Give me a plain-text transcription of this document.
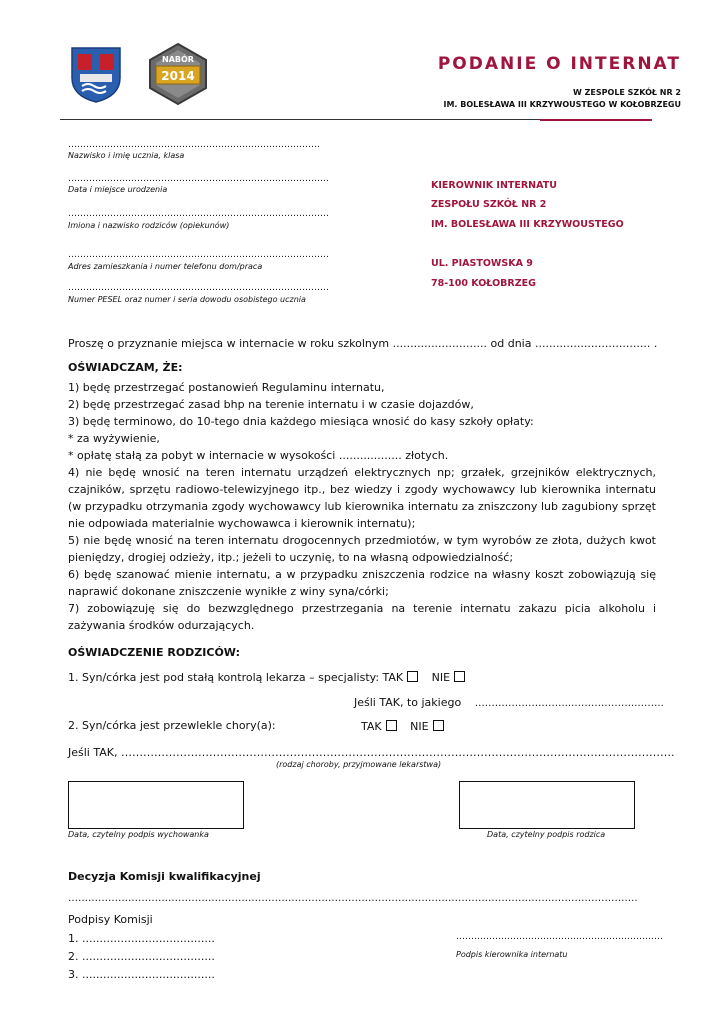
NABÓR
2014
PODANIE O INTERNAT
W ZESPOLE SZKÓŁ NR 2
IM. BOLESŁAWA III KRZYWOUSTEGO W KOŁOBRZEGU
…………………………………………………………………………
Nazwisko i imię ucznia, klasa
……………………………………………………………………………
Data i miejsce urodzenia
……………………………………………………………………………
Imiona i nazwisko rodziców (opiekunów)
……………………………………………………………………………
Adres zamieszkania i numer telefonu dom/praca
……………………………………………………………………………
Numer PESEL oraz numer i seria dowodu osobistego ucznia
KIEROWNIK INTERNATU
ZESPOŁU SZKÓŁ NR 2
IM. BOLESŁAWA III KRZYWOUSTEGO
UL. PIASTOWSKA 9
78-100 KOŁOBRZEG
Proszę o przyznanie miejsca w internacie w roku szkolnym ........................... od dnia ................................. .
OŚWIADCZAM, ŻE:
1) będę przestrzegać postanowień Regulaminu internatu,
2) będę przestrzegać zasad bhp na terenie internatu i w czasie dojazdów,
3) będę terminowo, do 10-tego dnia każdego miesiąca wnosić do kasy szkoły opłaty:
* za wyżywienie,
* opłatę stałą za pobyt w internacie w wysokości .................. złotych.
4) nie będę wnosić na teren internatu urządzeń elektrycznych np; grzałek, grzejników elektrycznych, czajników, sprzętu radiowo-telewizyjnego itp., bez wiedzy i zgody wychowawcy lub kierownika internatu (w przypadku otrzymania zgody wychowawcy lub kierownika internatu za zniszczony lub zagubiony sprzęt nie odpowiada materialnie wychowawca i kierownik internatu);
5) nie będę wnosić na teren internatu drogocennych przedmiotów, w tym wyrobów ze złota, dużych kwot pieniędzy, drogiej odzieży, itp.; jeżeli to uczynię, to na własną odpowiedzialność;
6) będę szanować mienie internatu, a w przypadku zniszczenia rodzice na własny koszt zobowiązują się naprawić dokonane zniszczenie wynikłe z winy syna/córki;
7) zobowiązuję się do bezwzględnego przestrzegania na terenie internatu zakazu picia alkoholu i zażywania środków odurzających.
OŚWIADCZENIE RODZICÓW:
1. Syn/córka jest pod stałą kontrolą lekarza – specjalisty: TAK	NIE
Jeśli TAK, to jakiego ………………………..………………..……..
2. Syn/córka jest przewlekle chory(a):	TAK	NIE
Jeśli TAK, …………………………………………………………………………………………………………………………………….
(rodzaj choroby, przyjmowane lekarstwa)
Data, czytelny podpis wychowanka	Data, czytelny podpis rodzica
Decyzja Komisji kwalifikacyjnej
……………………………………………………………………………………………………………………………….……………………..
Podpisy Komisji
1. ......................................
2. ......................................
3. ......................................
……………………………………………………………
Podpis kierownika internatu
